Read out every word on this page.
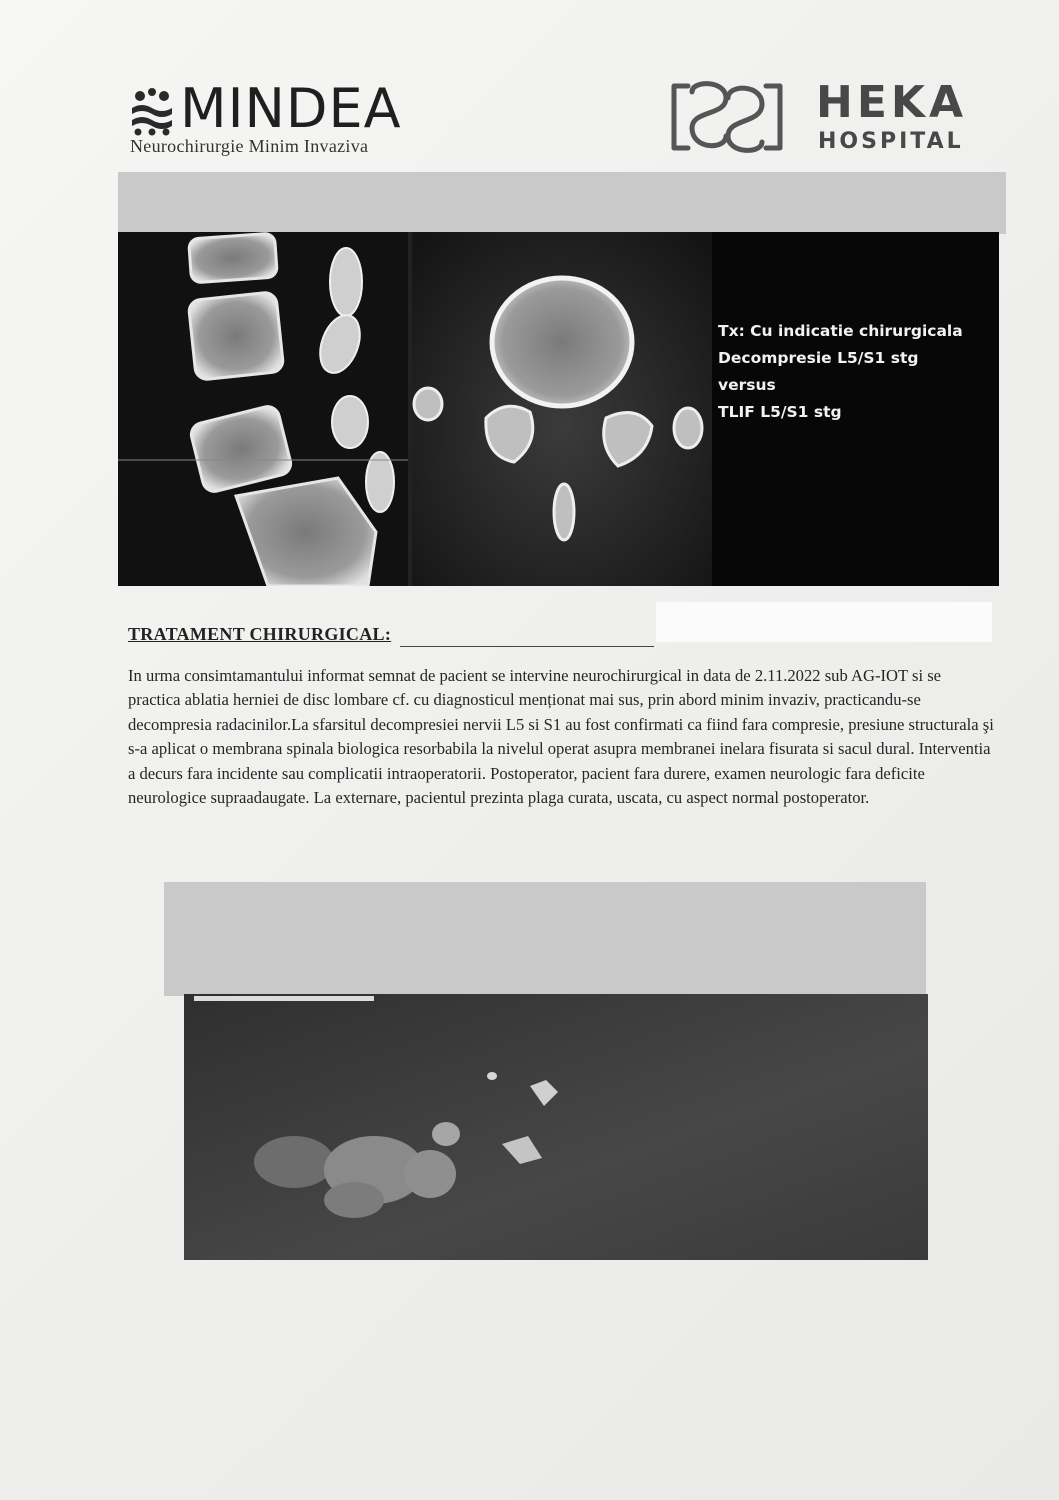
MINDEA
Neurochirurgie Minim Invaziva
HEKA
HOSPITAL
Tx: Cu indicatie chirurgicala
Decompresie L5/S1 stg
versus
TLIF L5/S1 stg
TRATAMENT CHIRURGICAL:

In urma consimtamantului informat semnat de pacient se intervine neurochirurgical in data de 2.11.2022 sub AG-IOT si se practica ablatia herniei de disc lombare cf. cu diagnosticul menționat mai sus, prin abord minim invaziv, practicandu-se decompresia radacinilor.La sfarsitul decompresiei nervii L5 si S1 au fost confirmati ca fiind fara compresie, presiune structurala şi s-a aplicat o membrana spinala biologica resorbabila la nivelul operat asupra membranei inelara fisurata si sacul dural. Interventia a decurs fara incidente sau complicatii intraoperatorii. Postoperator, pacient fara durere, examen neurologic fara deficite neurologice supraadaugate. La externare, pacientul prezinta plaga curata, uscata, cu aspect normal postoperator.
